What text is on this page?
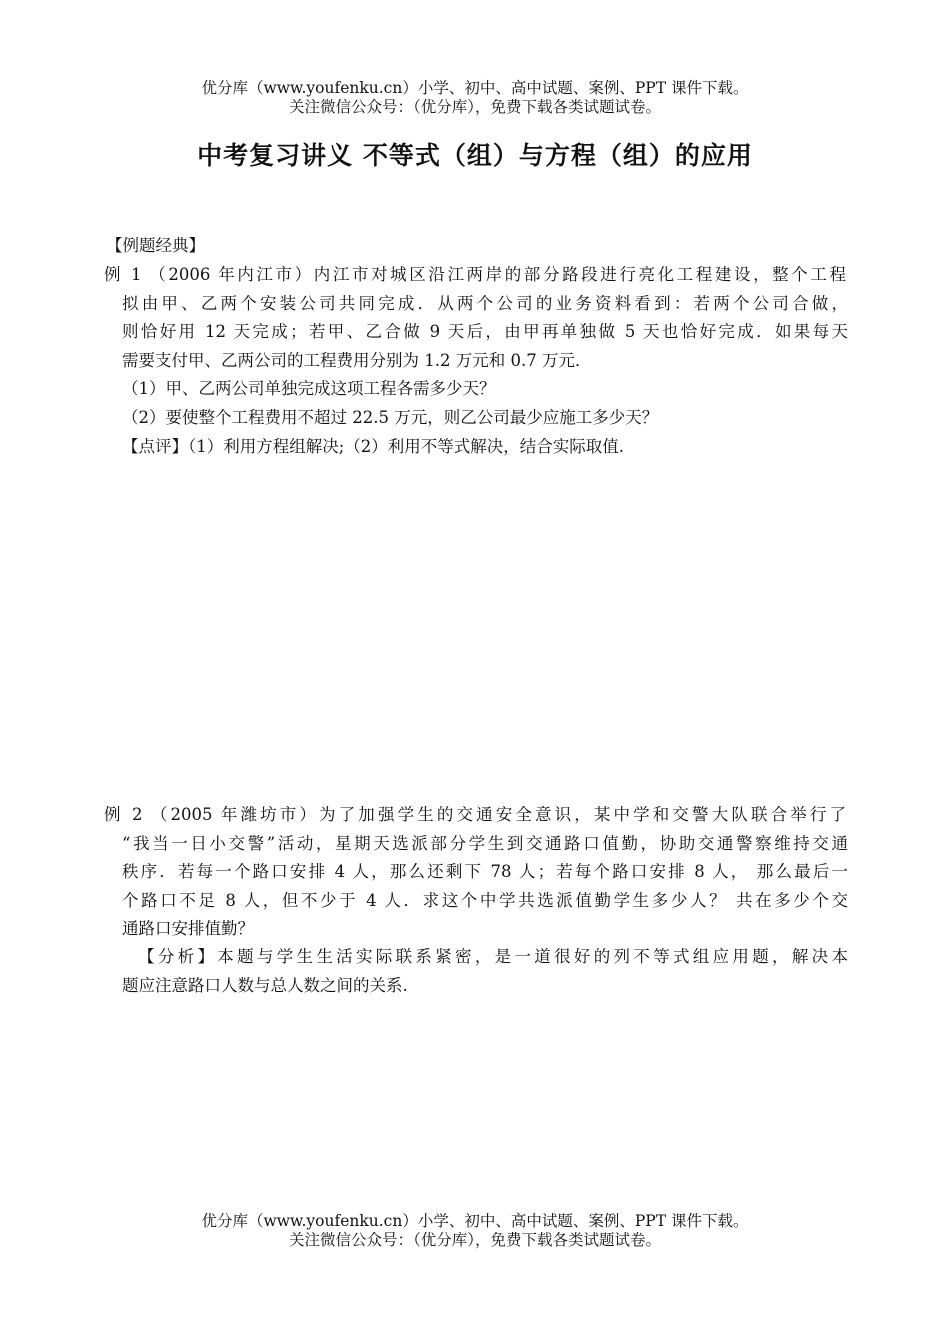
优分库（www.youfenku.cn）小学、初中、高中试题、案例、PPT 课件下载。
关注微信公众号：（优分库），免费下载各类试题试卷。
中考复习讲义 不等式（组）与方程（组）的应用
【例题经典】
例 1 （2006 年内江市）内江市对城区沿江两岸的部分路段进行亮化工程建设，整个工程
拟由甲、乙两个安装公司共同完成．从两个公司的业务资料看到：若两个公司合做，
则恰好用 12 天完成；若甲、乙合做 9 天后，由甲再单独做 5 天也恰好完成．如果每天
需要支付甲、乙两公司的工程费用分别为 1.2 万元和 0.7 万元．
（1）甲、乙两公司单独完成这项工程各需多少天？
（2）要使整个工程费用不超过 22.5 万元，则乙公司最少应施工多少天？
【点评】（1）利用方程组解决;（2）利用不等式解决，结合实际取值.
例 2 （2005 年潍坊市）为了加强学生的交通安全意识，某中学和交警大队联合举行了
“我当一日小交警”活动，星期天选派部分学生到交通路口值勤，协助交通警察维持交通
秩序．若每一个路口安排 4 人，那么还剩下 78 人；若每个路口安排 8 人， 那么最后一
个路口不足 8 人，但不少于 4 人．求这个中学共选派值勤学生多少人？ 共在多少个交
通路口安排值勤？
【分析】本题与学生生活实际联系紧密，是一道很好的列不等式组应用题，解决本
题应注意路口人数与总人数之间的关系.
优分库（www.youfenku.cn）小学、初中、高中试题、案例、PPT 课件下载。
关注微信公众号：（优分库），免费下载各类试题试卷。
